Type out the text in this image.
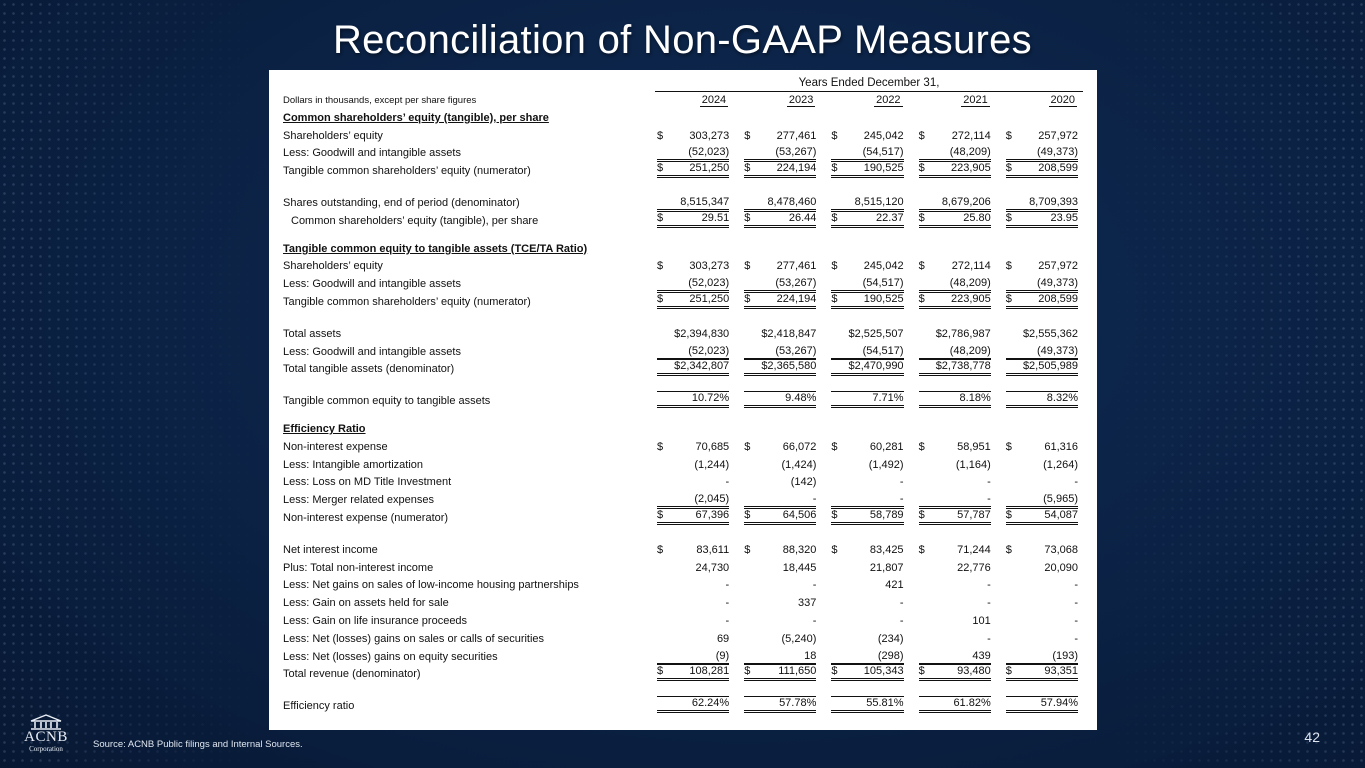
Reconciliation of Non-GAAP Measures

	Years Ended December 31,				

Dollars in thousands, except per share figures	2024	2023	2022	2021	2020
Common shareholders’ equity (tangible), per share					
Shareholders’ equity	$ 303,273	$ 277,461	$ 245,042	$ 272,114	$ 257,972

Less: Goodwill and intangible assets	(52,023)	(53,267)	(54,517)	(48,209)	(49,373)

Tangible common shareholders’ equity (numerator)	$ 251,250	$ 224,194	$ 190,525	$ 223,905	$ 208,599

Shares outstanding, end of period (denominator)	8,515,347	8,478,460	8,515,120	8,679,206	8,709,393

Common shareholders’ equity (tangible), per share	$ 29.51	$ 26.44	$ 22.37	$ 25.80	$ 23.95

Tangible common equity to tangible assets (TCE/TA Ratio)					
Shareholders’ equity	$ 303,273	$ 277,461	$ 245,042	$ 272,114	$ 257,972

Less: Goodwill and intangible assets	(52,023)	(53,267)	(54,517)	(48,209)	(49,373)

Tangible common shareholders’ equity (numerator)	$ 251,250	$ 224,194	$ 190,525	$ 223,905	$ 208,599

Total assets	$2,394,830	$2,418,847	$2,525,507	$2,786,987	$2,555,362

Less: Goodwill and intangible assets	(52,023)	(53,267)	(54,517)	(48,209)	(49,373)

Total tangible assets (denominator)	$2,342,807	$2,365,580	$2,470,990	$2,738,778	$2,505,989

Tangible common equity to tangible assets	10.72%	9.48%	7.71%	8.18%	8.32%

Efficiency Ratio					
Non-interest expense	$ 70,685	$ 66,072	$ 60,281	$ 58,951	$ 61,316

Less: Intangible amortization	(1,244)	(1,424)	(1,492)	(1,164)	(1,264)

Less: Loss on MD Title Investment	-	(142)	-	-	-

Less: Merger related expenses	(2,045)	-	-	-	(5,965)

Non-interest expense (numerator)	$ 67,396	$ 64,506	$ 58,789	$ 57,787	$ 54,087

Net interest income	$ 83,611	$ 88,320	$ 83,425	$ 71,244	$ 73,068

Plus: Total non-interest income	24,730	18,445	21,807	22,776	20,090

Less: Net gains on sales of low-income housing partnerships	-	-	421	-	-

Less: Gain on assets held for sale	-	337	-	-	-

Less: Gain on life insurance proceeds	-	-	-	101	-

Less: Net (losses) gains on sales or calls of securities	69	(5,240)	(234)	-	-

Less: Net (losses) gains on equity securities	(9)	18	(298)	439	(193)

Total revenue (denominator)	$ 108,281	$ 111,650	$ 105,343	$ 93,480	$ 93,351

Efficiency ratio	62.24%	57.78%	55.81%	61.82%	57.94%
ACNB
Corporation	Source: ACNB Public filings and Internal Sources.	42
